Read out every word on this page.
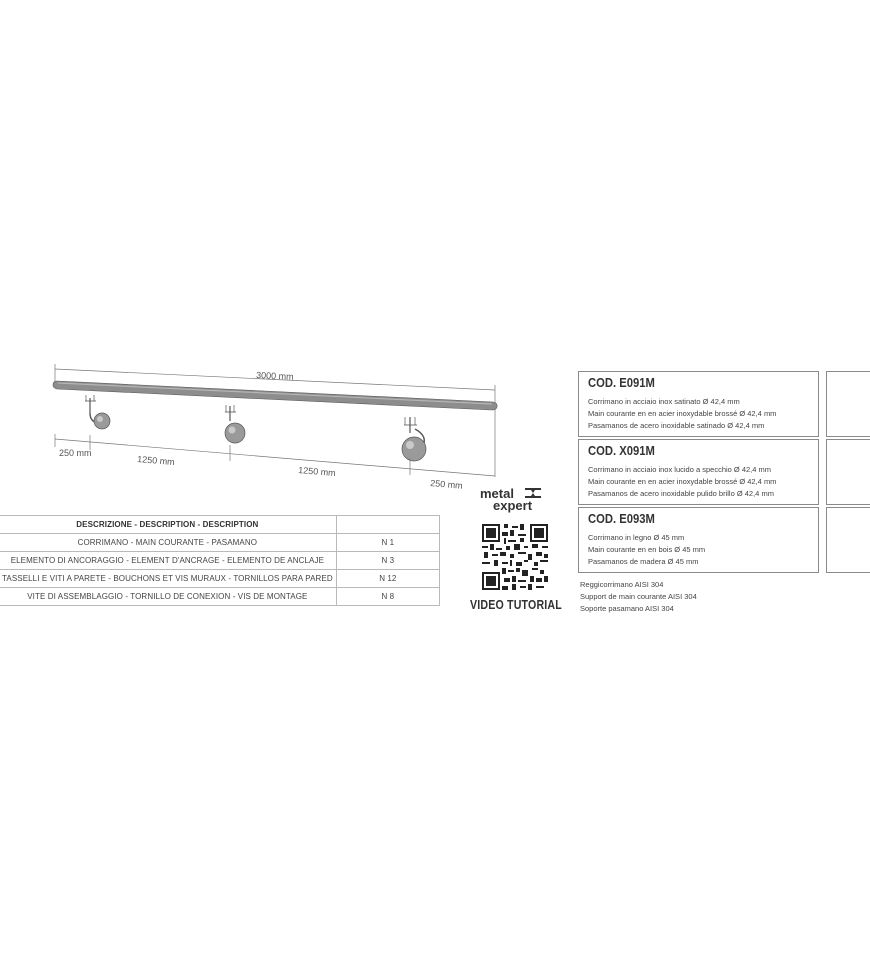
3000 mm
250 mm
1250 mm
1250 mm
250 mm
DESCRIZIONE - DESCRIPTION - DESCRIPTION	
CORRIMANO - MAIN COURANTE - PASAMANO	N 1
ELEMENTO DI ANCORAGGIO - ELEMENT D'ANCRAGE - ELEMENTO DE ANCLAJE	N 3
TASSELLI E VITI A PARETE - BOUCHONS ET VIS MURAUX - TORNILLOS PARA PARED	N 12
VITE DI ASSEMBLAGGIO - TORNILLO DE CONEXION - VIS DE MONTAGE	N 8
metal
expert
VIDEO TUTORIAL
COD. E091M
Corrimano in acciaio inox satinato Ø 42,4 mm
Main courante en en acier inoxydable brossé Ø 42,4 mm
Pasamanos de acero inoxidable satinado Ø 42,4 mm
COD. X091M
Corrimano in acciaio inox lucido a specchio Ø 42,4 mm
Main courante en en acier inoxydable brossé Ø 42,4 mm
Pasamanos de acero inoxidable pulido brillo Ø 42,4 mm
COD. E093M
Corrimano in legno Ø 45 mm
Main courante en en bois Ø 45 mm
Pasamanos de madera Ø 45 mm
Reggicorrimano AISI 304
Support de main courante AISI 304
Soporte pasamano AISI 304
